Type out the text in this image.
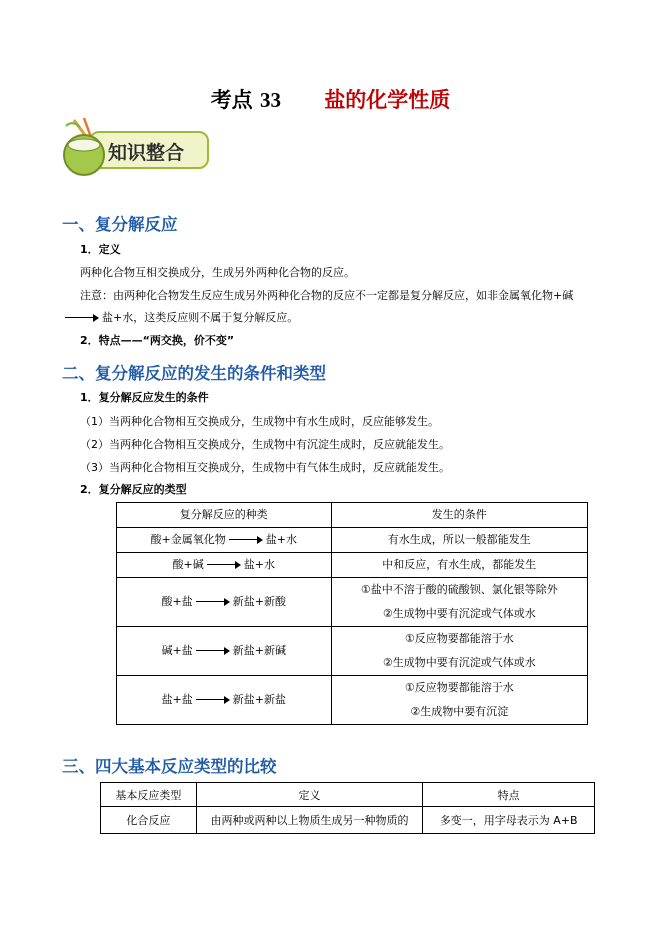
考点 33 盐的化学性质
知识整合
一、复分解反应
1．定义
两种化合物互相交换成分，生成另外两种化合物的反应。
注意：由两种化合物发生反应生成另外两种化合物的反应不一定都是复分解反应，如非金属氧化物+碱
盐+水，这类反应则不属于复分解反应。
2．特点——“两交换，价不变”
二、复分解反应的发生的条件和类型
1．复分解反应发生的条件
（1）当两种化合物相互交换成分，生成物中有水生成时，反应能够发生。
（2）当两种化合物相互交换成分，生成物中有沉淀生成时，反应就能发生。
（3）当两种化合物相互交换成分，生成物中有气体生成时，反应就能发生。
2．复分解反应的类型
复分解反应的种类	发生的条件
酸+金属氧化物 盐+水	有水生成，所以一般都能发生
酸+碱 盐+水	中和反应，有水生成，都能发生
酸+盐 新盐+新酸	①盐中不溶于酸的硫酸钡、氯化银等除外
②生成物中要有沉淀或气体或水

碱+盐 新盐+新碱	①反应物要都能溶于水
②生成物中要有沉淀或气体或水

盐+盐 新盐+新盐	①反应物要都能溶于水
②生成物中要有沉淀
三、四大基本反应类型的比较
基本反应类型	定义	特点
化合反应	由两种或两种以上物质生成另一种物质的	多变一，用字母表示为 A+B
